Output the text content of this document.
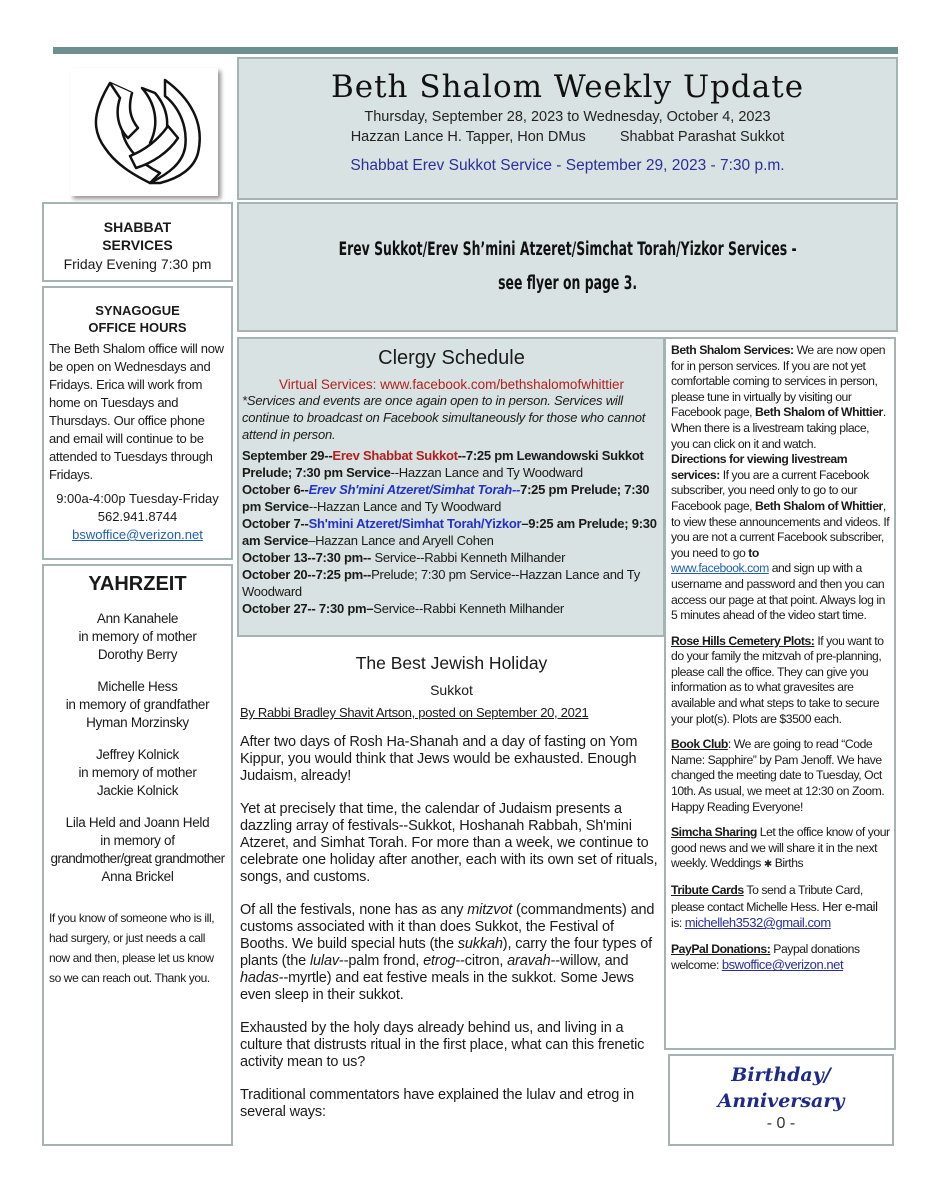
Beth Shalom Weekly Update
Thursday, September 28, 2023 to Wednesday, October 4, 2023
Hazzan Lance H. Tapper, Hon DMus Shabbat Parashat Sukkot
Shabbat Erev Sukkot Service - September 29, 2023 - 7:30 p.m.
Erev Sukkot/Erev Sh’mini Atzeret/Simchat Torah/Yizkor Services -
see flyer on page 3.
SHABBAT
SERVICES
Friday Evening 7:30 pm
SYNAGOGUE
OFFICE HOURS
The Beth Shalom office will now be open on Wednesdays and Fridays. Erica will work from home on Tuesdays and Thursdays. Our office phone and email will continue to be attended to Tuesdays through Fridays.
9:00a-4:00p Tuesday-Friday
562.941.8744
bswoffice@verizon.net
YAHRZEIT
Ann Kanahele
in memory of mother
Dorothy Berry
Michelle Hess
in memory of grandfather
Hyman Morzinsky
Jeffrey Kolnick
in memory of mother
Jackie Kolnick
Lila Held and Joann Held
in memory of
grandmother/great grandmother
Anna Brickel
If you know of someone who is ill, had surgery, or just needs a call now and then, please let us know so we can reach out. Thank you.
Clergy Schedule
Virtual Services: www.facebook.com/bethshalomofwhittier
*Services and events are once again open to in person. Services will continue to broadcast on Facebook simultaneously for those who cannot attend in person.
September 29--Erev Shabbat Sukkot--7:25 pm Lewandowski Sukkot Prelude; 7:30 pm Service--Hazzan Lance and Ty Woodward
October 6--Erev Sh'mini Atzeret/Simhat Torah--7:25 pm Prelude; 7:30 pm Service--Hazzan Lance and Ty Woodward
October 7--Sh'mini Atzeret/Simhat Torah/Yizkor–9:25 am Prelude; 9:30 am Service–Hazzan Lance and Aryell Cohen
October 13--7:30 pm-- Service--Rabbi Kenneth Milhander
October 20--7:25 pm--Prelude; 7:30 pm Service--Hazzan Lance and Ty Woodward
October 27-- 7:30 pm–Service--Rabbi Kenneth Milhander
The Best Jewish Holiday
Sukkot
By Rabbi Bradley Shavit Artson, posted on September 20, 2021

After two days of Rosh Ha-Shanah and a day of fasting on Yom Kippur, you would think that Jews would be exhausted. Enough Judaism, already!

Yet at precisely that time, the calendar of Judaism presents a dazzling array of festivals--Sukkot, Hoshanah Rabbah, Sh'mini Atzeret, and Simhat Torah. For more than a week, we continue to celebrate one holiday after another, each with its own set of rituals, songs, and customs.

Of all the festivals, none has as any mitzvot (commandments) and customs associated with it than does Sukkot, the Festival of Booths. We build special huts (the sukkah), carry the four types of plants (the lulav--palm frond, etrog--citron, aravah--willow, and hadas--myrtle) and eat festive meals in the sukkot. Some Jews even sleep in their sukkot.

Exhausted by the holy days already behind us, and living in a culture that distrusts ritual in the first place, what can this frenetic activity mean to us?

Traditional commentators have explained the lulav and etrog in several ways:

Beth Shalom Services: We are now open for in person services. If you are not yet comfortable coming to services in person, please tune in virtually by visiting our Facebook page, Beth Shalom of Whittier. When there is a livestream taking place, you can click on it and watch.
Directions for viewing livestream services: If you are a current Facebook subscriber, you need only to go to our Facebook page, Beth Shalom of Whittier, to view these announcements and videos. If you are not a current Facebook subscriber, you need to go to
www.facebook.com and sign up with a username and password and then you can access our page at that point. Always log in 5 minutes ahead of the video start time.
Rose Hills Cemetery Plots: If you want to do your family the mitzvah of pre-planning, please call the office. They can give you information as to what gravesites are available and what steps to take to secure your plot(s). Plots are $3500 each.
Book Club: We are going to read “Code Name: Sapphire” by Pam Jenoff. We have changed the meeting date to Tuesday, Oct 10th. As usual, we meet at 12:30 on Zoom. Happy Reading Everyone!
Simcha Sharing Let the office know of your good news and we will share it in the next weekly. Weddings ✱ Births
Tribute Cards To send a Tribute Card, please contact Michelle Hess. Her e-mail is: michelleh3532@gmail.com
PayPal Donations: Paypal donations welcome: bswoffice@verizon.net
Birthday/
Anniversary
- 0 -
